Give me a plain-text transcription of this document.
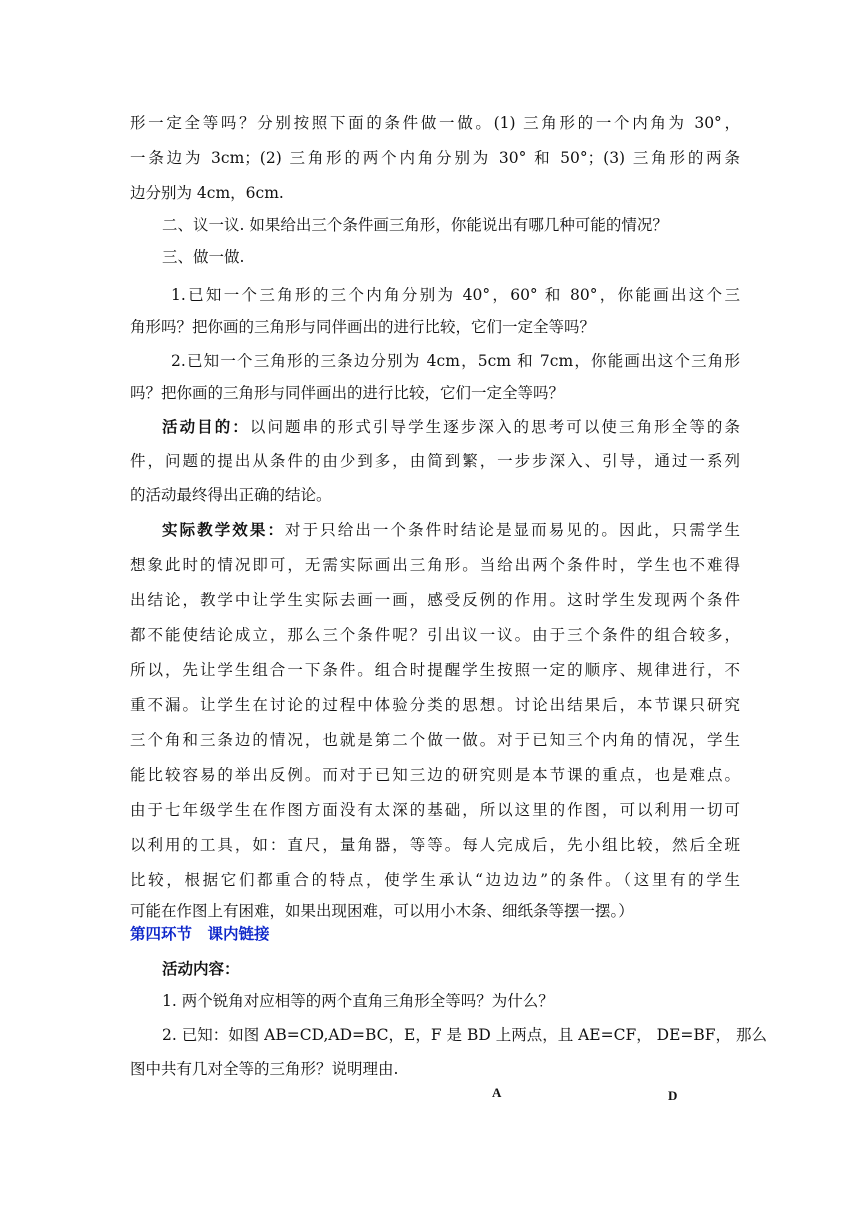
形一定全等吗？分别按照下面的条件做一做。(1) 三角形的一个内角为 30°，
一条边为 3cm；(2) 三角形的两个内角分别为 30° 和 50°；(3) 三角形的两条
边分别为 4cm，6cm.
二、议一议. 如果给出三个条件画三角形，你能说出有哪几种可能的情况？
三、做一做.
1.已知一个三角形的三个内角分别为 40°，60° 和 80°，你能画出这个三
角形吗？把你画的三角形与同伴画出的进行比较，它们一定全等吗？
2.已知一个三角形的三条边分别为 4cm，5cm 和 7cm，你能画出这个三角形
吗？把你画的三角形与同伴画出的进行比较，它们一定全等吗？
活动目的：以问题串的形式引导学生逐步深入的思考可以使三角形全等的条
件，问题的提出从条件的由少到多，由简到繁，一步步深入、引导，通过一系列
的活动最终得出正确的结论。
实际教学效果：对于只给出一个条件时结论是显而易见的。因此，只需学生
想象此时的情况即可，无需实际画出三角形。当给出两个条件时，学生也不难得
出结论，教学中让学生实际去画一画，感受反例的作用。这时学生发现两个条件
都不能使结论成立，那么三个条件呢？引出议一议。由于三个条件的组合较多，
所以，先让学生组合一下条件。组合时提醒学生按照一定的顺序、规律进行，不
重不漏。让学生在讨论的过程中体验分类的思想。讨论出结果后，本节课只研究
三个角和三条边的情况，也就是第二个做一做。对于已知三个内角的情况，学生
能比较容易的举出反例。而对于已知三边的研究则是本节课的重点，也是难点。
由于七年级学生在作图方面没有太深的基础，所以这里的作图，可以利用一切可
以利用的工具，如：直尺，量角器，等等。每人完成后，先小组比较，然后全班
比较，根据它们都重合的特点，使学生承认“边边边”的条件。（这里有的学生
可能在作图上有困难，如果出现困难，可以用小木条、细纸条等摆一摆。）
第四环节　课内链接
活动内容：
1. 两个锐角对应相等的两个直角三角形全等吗？为什么？
2. 已知：如图 AB=CD,AD=BC，E，F 是 BD 上两点，且 AE=CF， DE=BF， 那么
图中共有几对全等的三角形？说明理由.
A	D
